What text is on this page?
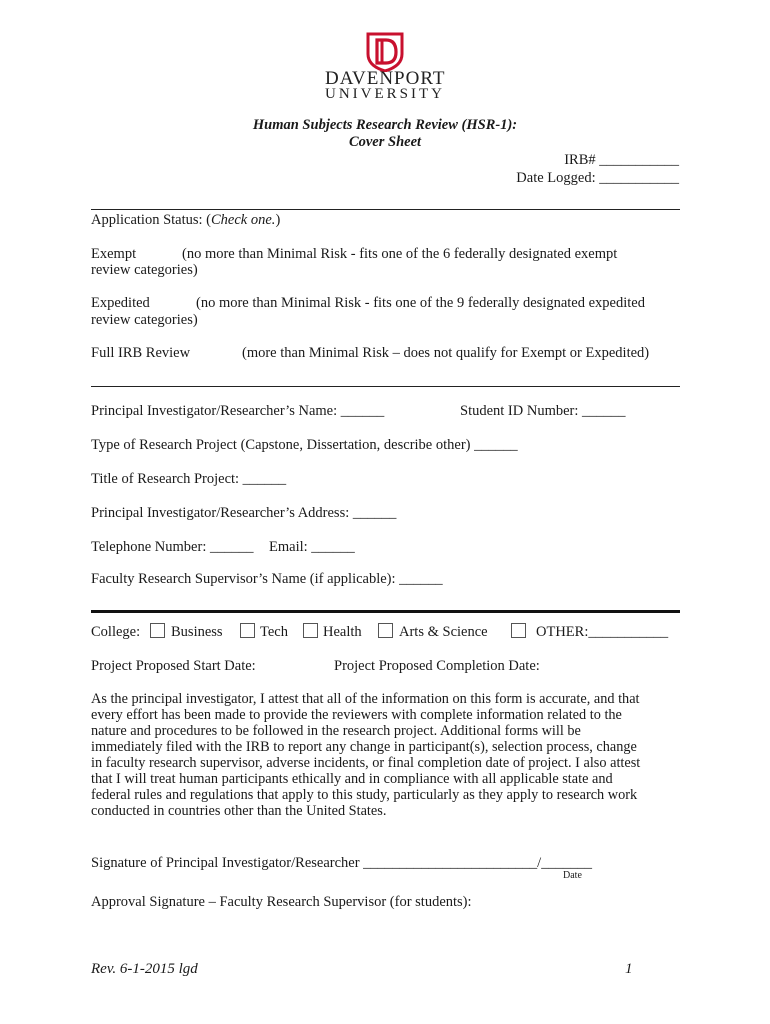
DAVENPORT
UNIVERSITY
Human Subjects Research Review (HSR-1):
Cover Sheet
IRB# ___________
Date Logged: ___________
Application Status: (Check one.)
Exempt	(no more than Minimal Risk - fits one of the 6 federally designated exempt
review categories)
Expedited	(no more than Minimal Risk - fits one of the 9 federally designated expedited
review categories)
Full IRB Review	(more than Minimal Risk – does not qualify for Exempt or Expedited)
Principal Investigator/Researcher’s Name: ______	Student ID Number: ______
Type of Research Project (Capstone, Dissertation, describe other) ______
Title of Research Project: ______
Principal Investigator/Researcher’s Address: ______
Telephone Number: ______ Email: ______
Faculty Research Supervisor’s Name (if applicable): ______
College: Business	Tech Health	Arts & Science	OTHER:___________
Project Proposed Start Date:	Project Proposed Completion Date:
As the principal investigator, I attest that all of the information on this form is accurate, and that
every effort has been made to provide the reviewers with complete information related to the
nature and procedures to be followed in the research project. Additional forms will be
immediately filed with the IRB to report any change in participant(s), selection process, change
in faculty research supervisor, adverse incidents, or final completion date of project. I also attest
that I will treat human participants ethically and in compliance with all applicable state and
federal rules and regulations that apply to this study, particularly as they apply to research work
conducted in countries other than the United States.
Signature of Principal Investigator/Researcher ________________________/_______
Date
Approval Signature – Faculty Research Supervisor (for students):
Rev. 6-1-2015 lgd	1
